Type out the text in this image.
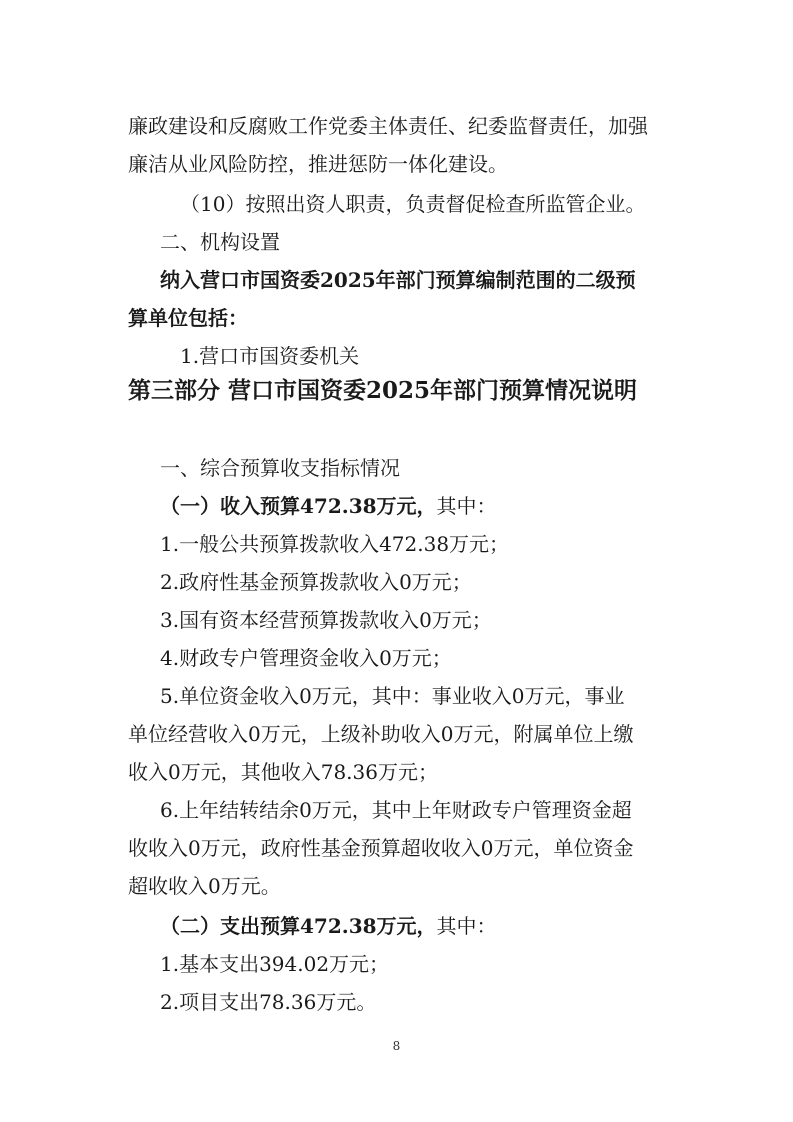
廉政建设和反腐败工作党委主体责任、纪委监督责任，加强
廉洁从业风险防控，推进惩防一体化建设。
（10）按照出资人职责，负责督促检查所监管企业。
二、机构设置
纳入营口市国资委2025年部门预算编制范围的二级预
算单位包括：
1.营口市国资委机关
第三部分 营口市国资委2025年部门预算情况说明
一、综合预算收支指标情况
（一）收入预算472.38万元，其中：
1.一般公共预算拨款收入472.38万元；
2.政府性基金预算拨款收入0万元；
3.国有资本经营预算拨款收入0万元；
4.财政专户管理资金收入0万元；
5.单位资金收入0万元，其中：事业收入0万元，事业
单位经营收入0万元，上级补助收入0万元，附属单位上缴
收入0万元，其他收入78.36万元；
6.上年结转结余0万元，其中上年财政专户管理资金超
收收入0万元，政府性基金预算超收收入0万元，单位资金
超收收入0万元。
（二）支出预算472.38万元，其中：
1.基本支出394.02万元；
2.项目支出78.36万元。
8
